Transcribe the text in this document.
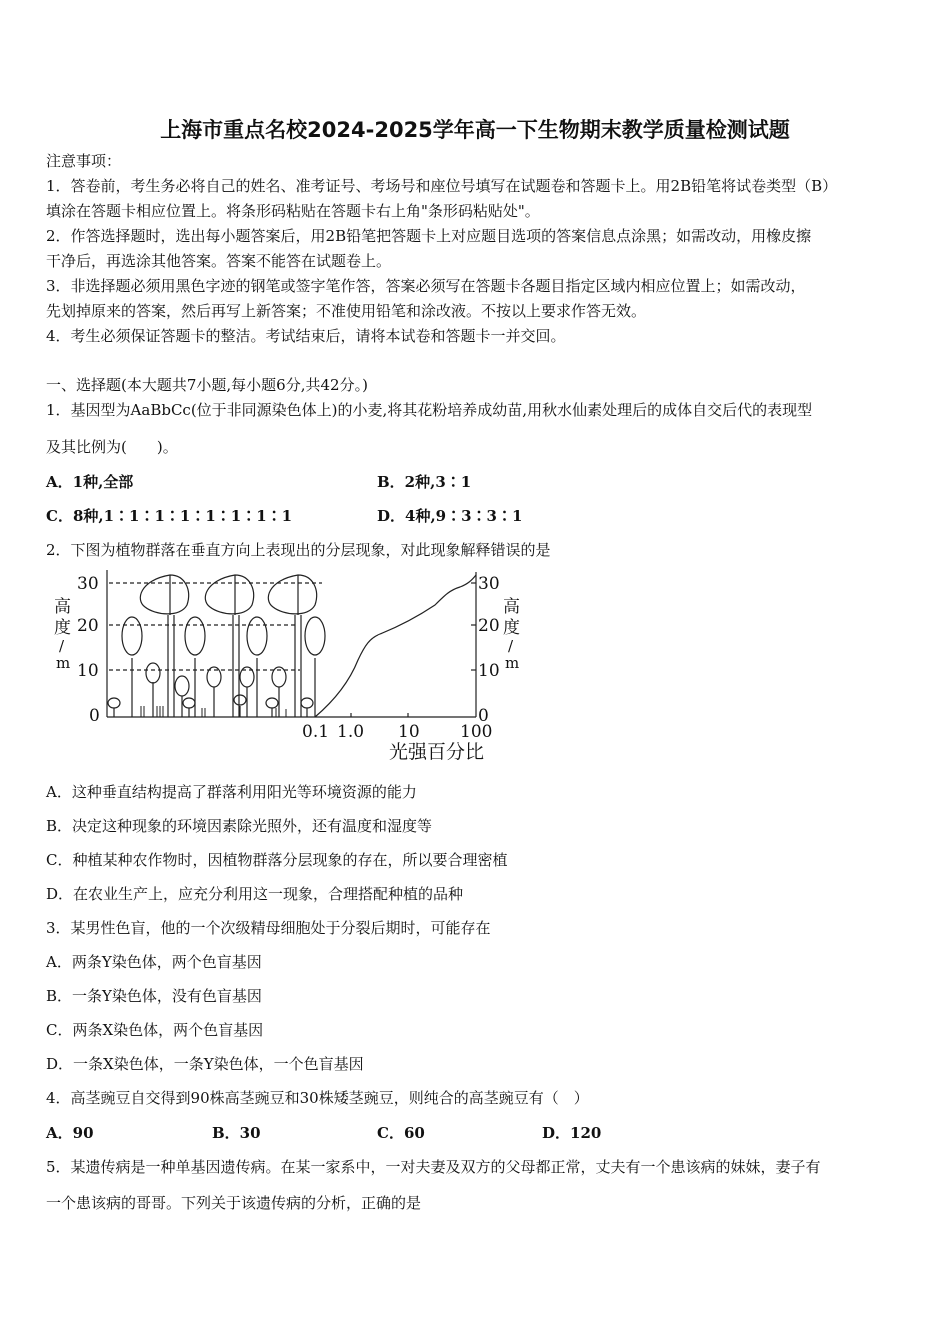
上海市重点名校2024-2025学年高一下生物期末教学质量检测试题
注意事项：
1．答卷前，考生务必将自己的姓名、准考证号、考场号和座位号填写在试题卷和答题卡上。用2B铅笔将试卷类型（B）
填涂在答题卡相应位置上。将条形码粘贴在答题卡右上角"条形码粘贴处"。
2．作答选择题时，选出每小题答案后，用2B铅笔把答题卡上对应题目选项的答案信息点涂黑；如需改动，用橡皮擦
干净后，再选涂其他答案。答案不能答在试题卷上。
3．非选择题必须用黑色字迹的钢笔或签字笔作答，答案必须写在答题卡各题目指定区域内相应位置上；如需改动，
先划掉原来的答案，然后再写上新答案；不准使用铅笔和涂改液。不按以上要求作答无效。
4．考生必须保证答题卡的整洁。考试结束后，请将本试卷和答题卡一并交回。
一、选择题(本大题共7小题,每小题6分,共42分。)
1．基因型为AaBbCc(位于非同源染色体上)的小麦,将其花粉培养成幼苗,用秋水仙素处理后的成体自交后代的表现型
及其比例为(　　)。
A．1种,全部	B．2种,3∶1
C．8种,1∶1∶1∶1∶1∶1∶1∶1	D．4种,9∶3∶3∶1
2．下图为植物群落在垂直方向上表现出的分层现象，对此现象解释错误的是
30
20
10
0
30
20
10
0
高
度
/
m
高
度
/
m
0.1 1.0 10 100
光强百分比
A．这种垂直结构提高了群落利用阳光等环境资源的能力
B．决定这种现象的环境因素除光照外，还有温度和湿度等
C．种植某种农作物时，因植物群落分层现象的存在，所以要合理密植
D．在农业生产上，应充分利用这一现象，合理搭配种植的品种
3．某男性色盲，他的一个次级精母细胞处于分裂后期时，可能存在
A．两条Y染色体，两个色盲基因
B．一条Y染色体，没有色盲基因
C．两条X染色体，两个色盲基因
D．一条X染色体，一条Y染色体，一个色盲基因
4．高茎豌豆自交得到90株高茎豌豆和30株矮茎豌豆，则纯合的高茎豌豆有（　）
A．90	B．30	C．60	D．120
5．某遗传病是一种单基因遗传病。在某一家系中，一对夫妻及双方的父母都正常，丈夫有一个患该病的妹妹，妻子有
一个患该病的哥哥。下列关于该遗传病的分析，正确的是
